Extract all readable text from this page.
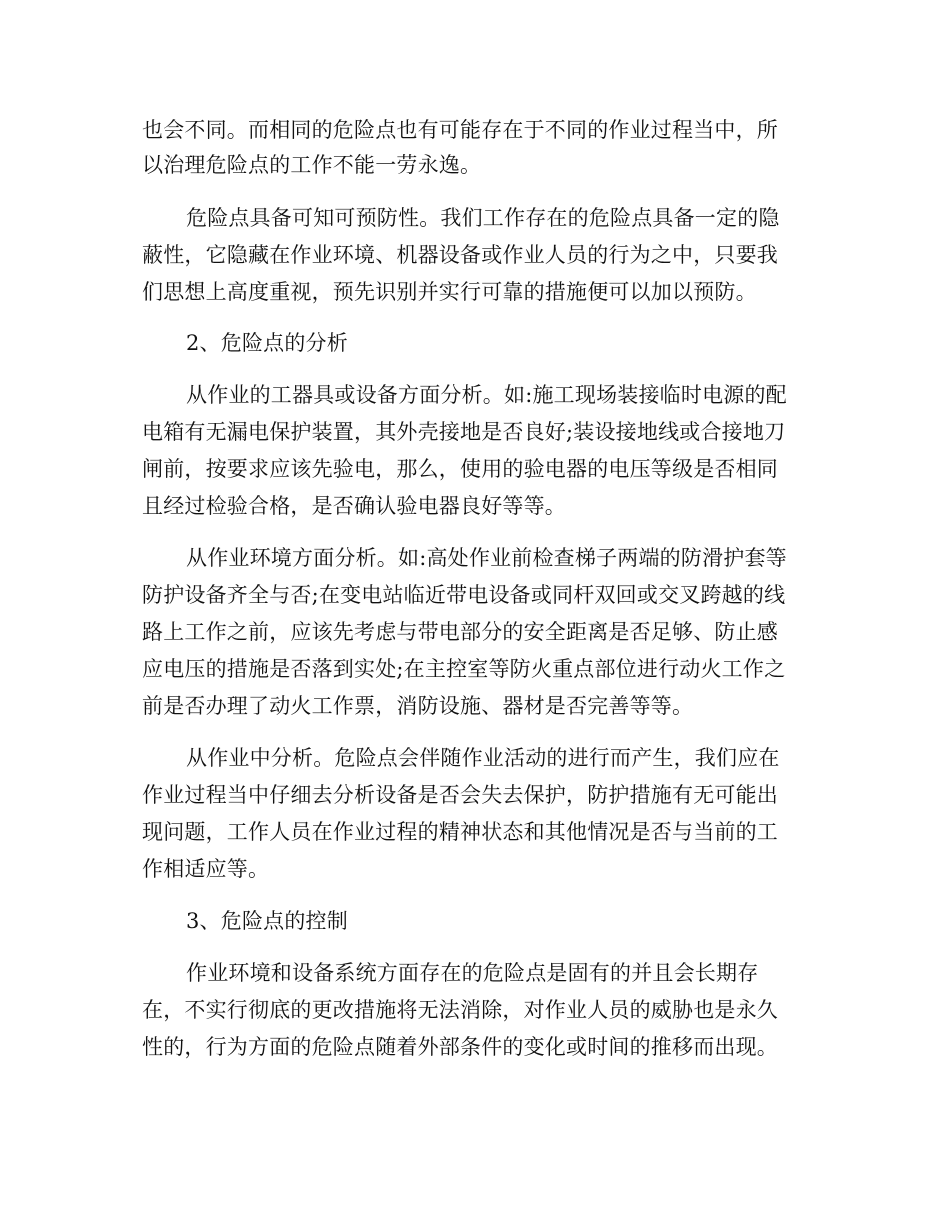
也会不同。而相同的危险点也有可能存在于不同的作业过程当中，所
以治理危险点的工作不能一劳永逸。
危险点具备可知可预防性。我们工作存在的危险点具备一定的隐
蔽性，它隐藏在作业环境、机器设备或作业人员的行为之中，只要我
们思想上高度重视，预先识别并实行可靠的措施便可以加以预防。
2、危险点的分析
从作业的工器具或设备方面分析。如:施工现场装接临时电源的配
电箱有无漏电保护装置，其外壳接地是否良好;装设接地线或合接地刀
闸前，按要求应该先验电，那么，使用的验电器的电压等级是否相同
且经过检验合格，是否确认验电器良好等等。
从作业环境方面分析。如:高处作业前检查梯子两端的防滑护套等
防护设备齐全与否;在变电站临近带电设备或同杆双回或交叉跨越的线
路上工作之前，应该先考虑与带电部分的安全距离是否足够、防止感
应电压的措施是否落到实处;在主控室等防火重点部位进行动火工作之
前是否办理了动火工作票，消防设施、器材是否完善等等。
从作业中分析。危险点会伴随作业活动的进行而产生，我们应在
作业过程当中仔细去分析设备是否会失去保护，防护措施有无可能出
现问题，工作人员在作业过程的精神状态和其他情况是否与当前的工
作相适应等。
3、危险点的控制
作业环境和设备系统方面存在的危险点是固有的并且会长期存
在，不实行彻底的更改措施将无法消除，对作业人员的威胁也是永久
性的，行为方面的危险点随着外部条件的变化或时间的推移而出现。
